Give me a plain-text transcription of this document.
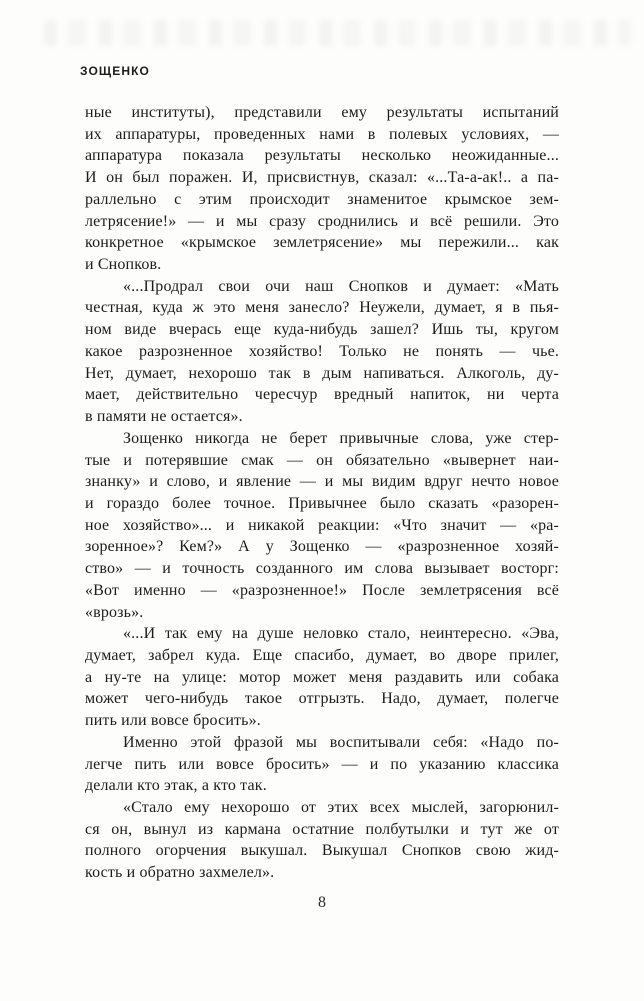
ЗОЩЕНКО
ные институты), представили ему результаты испытаний
их аппаратуры, проведенных нами в полевых условиях, —
аппаратура показала результаты несколько неожиданные...
И он был поражен. И, присвистнув, сказал: «...Та-а-ак!.. а па-
раллельно с этим происходит знаменитое крымское зем-
летрясение!» — и мы сразу сроднились и всё решили. Это
конкретное «крымское землетрясение» мы пережили... как
и Снопков.
«...Продрал свои очи наш Снопков и думает: «Мать
честная, куда ж это меня занесло? Неужели, думает, я в пья-
ном виде вчерась еще куда-нибудь зашел? Ишь ты, кругом
какое разрозненное хозяйство! Только не понять — чье.
Нет, думает, нехорошо так в дым напиваться. Алкоголь, ду-
мает, действительно чересчур вредный напиток, ни черта
в памяти не остается».
Зощенко никогда не берет привычные слова, уже стер-
тые и потерявшие смак — он обязательно «вывернет наи-
знанку» и слово, и явление — и мы видим вдруг нечто новое
и гораздо более точное. Привычнее было сказать «разорен-
ное хозяйство»... и никакой реакции: «Что значит — «ра-
зоренное»? Кем?» А у Зощенко — «разрозненное хозяй-
ство» — и точность созданного им слова вызывает восторг:
«Вот именно — «разрозненное!» После землетрясения всё
«врозь».
«...И так ему на душе неловко стало, неинтересно. «Эва,
думает, забрел куда. Еще спасибо, думает, во дворе прилег,
а ну-те на улице: мотор может меня раздавить или собака
может чего-нибудь такое отгрызть. Надо, думает, полегче
пить или вовсе бросить».
Именно этой фразой мы воспитывали себя: «Надо по-
легче пить или вовсе бросить» — и по указанию классика
делали кто этак, а кто так.
«Стало ему нехорошо от этих всех мыслей, загорюнил-
ся он, вынул из кармана остатние полбутылки и тут же от
полного огорчения выкушал. Выкушал Снопков свою жид-
кость и обратно захмелел».
8
